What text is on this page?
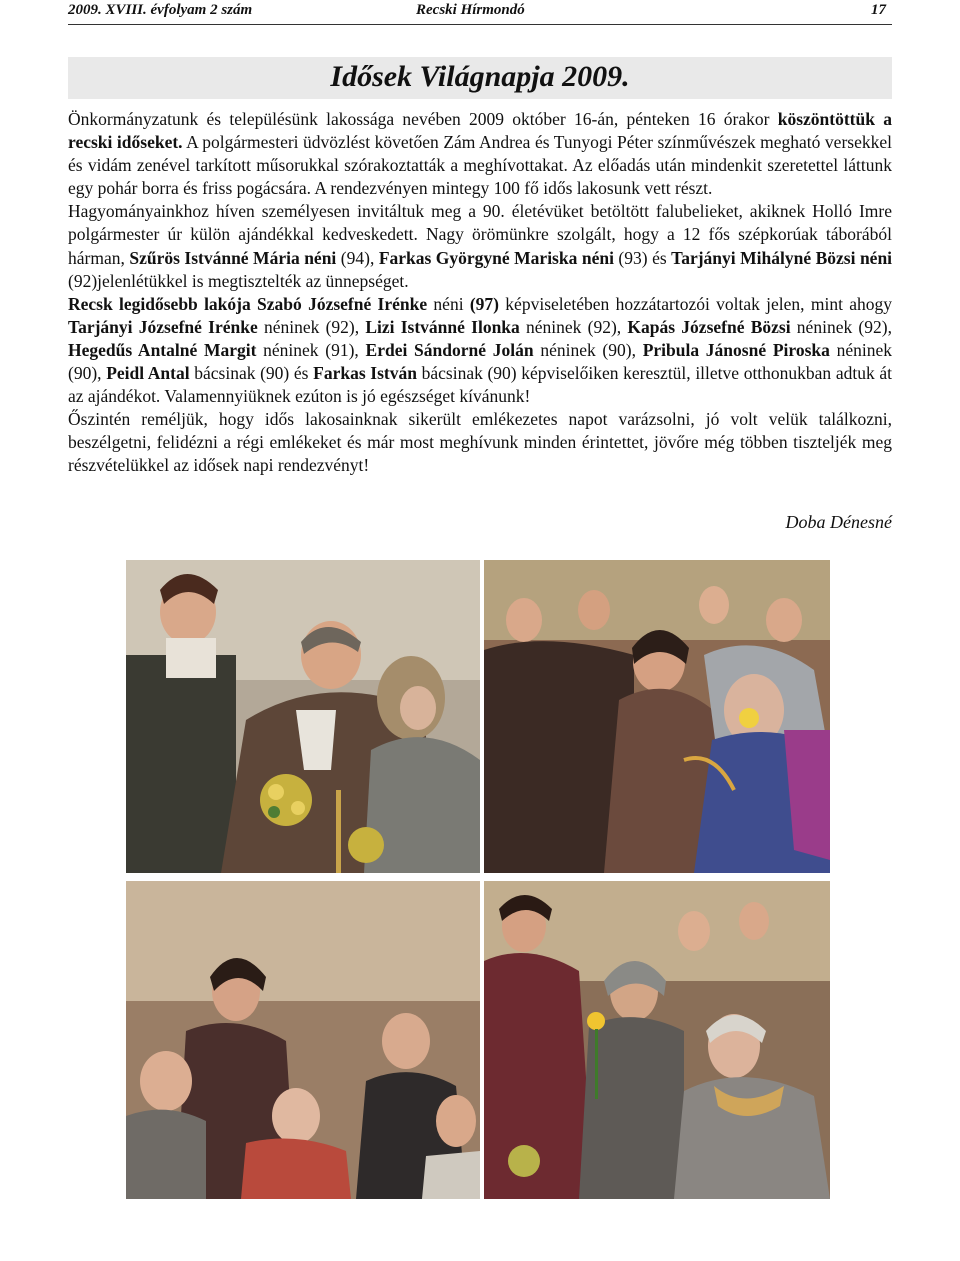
2009. XVIII. évfolyam 2 szám	Recski Hírmondó	17
Idősek Világnapja 2009.

Önkormányzatunk és településünk lakossága nevében 2009 október 16-án, pénteken 16 órakor köszöntöttük a recski időseket. A polgármesteri üdvözlést követően Zám Andrea és Tunyogi Péter színművészek megható versekkel és vidám zenével tarkított műsorukkal szórakoztatták a meghívottakat. Az előadás után mindenkit szeretettel láttunk egy pohár borra és friss pogácsára. A rendezvényen mintegy 100 fő idős lakosunk vett részt.

Hagyományainkhoz híven személyesen invitáltuk meg a 90. életévüket betöltött falubelieket, akiknek Holló Imre polgármester úr külön ajándékkal kedveskedett. Nagy örömünkre szolgált, hogy a 12 fős szépkorúak táborából hárman, Szűrös Istvánné Mária néni (94), Farkas Györgyné Mariska néni (93) és Tarjányi Mihályné Bözsi néni (92)jelenlétükkel is megtisztelték az ünnepséget.

Recsk legidősebb lakója Szabó Józsefné Irénke néni (97) képviseletében hozzátartozói voltak jelen, mint ahogy Tarjányi Józsefné Irénke néninek (92), Lizi Istvánné Ilonka néninek (92), Kapás Józsefné Bözsi néninek (92), Hegedűs Antalné Margit néninek (91), Erdei Sándorné Jolán néninek (90), Pribula Jánosné Piroska néninek (90), Peidl Antal bácsinak (90) és Farkas István bácsinak (90) képviselőiken keresztül, illetve otthonukban adtuk át az ajándékot. Valamennyiüknek ezúton is jó egészséget kívánunk!

Őszintén reméljük, hogy idős lakosainknak sikerült emlékezetes napot varázsolni, jó volt velük találkozni, beszélgetni, felidézni a régi emlékeket és már most meghívunk minden érintettet, jövőre még többen tiszteljék meg részvételükkel az idősek napi rendezvényt!

Doba Dénesné
